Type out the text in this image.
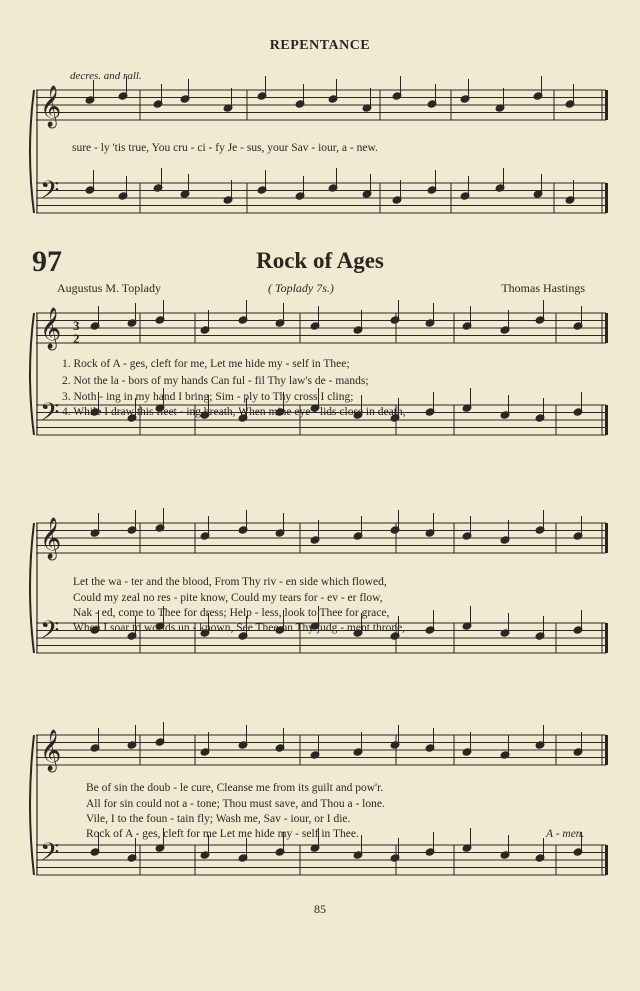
𝄞
𝄞
𝄞
𝄞
𝄢
𝄢
𝄢
𝄢
REPENTANCE
decres. and rall.
sure - ly 'tis true, You cru - ci - fy Je - sus, your Sav - iour, a - new.
97	Rock of Ages
Augustus M. Toplady	( Toplady 7s.)	Thomas Hastings
3
2
1. Rock of A - ges, cleft for me, Let me hide my - self in Thee;
2. Not the la - bors of my hands Can ful - fil Thy law's de - mands;
3. Noth - ing in my hand I bring; Sim - ply to Thy cross I cling;
4. While I draw this fleet - ing breath, When mine eye - lids close in death,
Let the wa - ter and the blood, From Thy riv - en side which flowed,
Could my zeal no res - pite know, Could my tears for - ev - er flow,
Nak - ed, come to Thee for dress; Help - less, look to Thee for grace,
When I soar to worlds un - known, See Thee on Thy judg - ment throne,
Be of sin the doub - le cure, Cleanse me from its guilt and pow'r.
All for sin could not a - tone; Thou must save, and Thou a - lone.
Vile, I to the foun - tain fly; Wash me, Sav - iour, or I die.
Rock of A - ges, cleft for me Let me hide my - self in Thee.	A - men.
85
